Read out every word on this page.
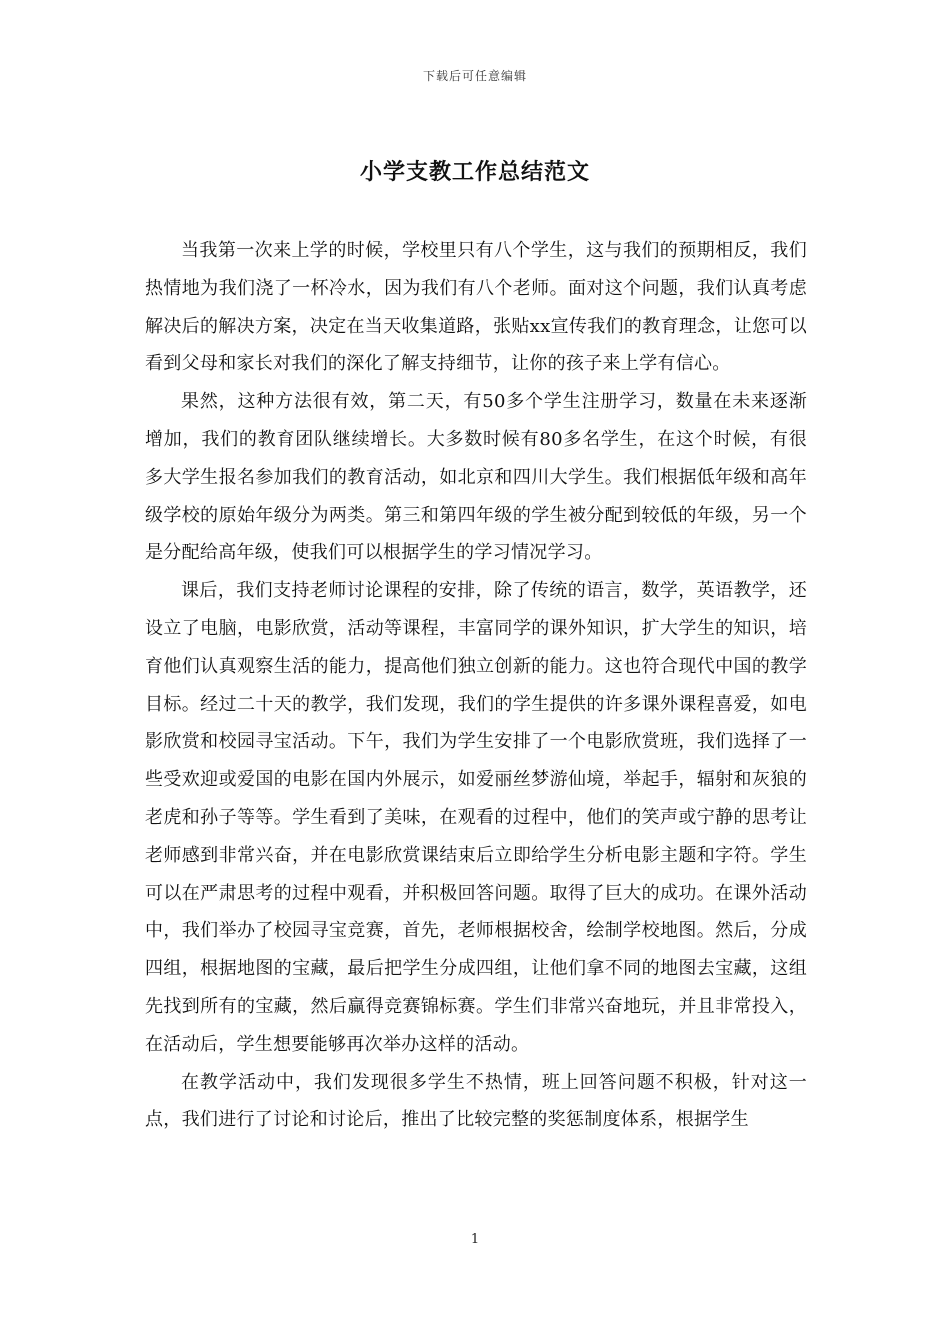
下载后可任意编辑
小学支教工作总结范文

当我第一次来上学的时候，学校里只有八个学生，这与我们的预期相反，我们热情地为我们浇了一杯冷水，因为我们有八个老师。面对这个问题，我们认真考虑解决后的解决方案，决定在当天收集道路，张贴xx宣传我们的教育理念，让您可以看到父母和家长对我们的深化了解支持细节，让你的孩子来上学有信心。

果然，这种方法很有效，第二天，有50多个学生注册学习，数量在未来逐渐增加，我们的教育团队继续增长。大多数时候有80多名学生，在这个时候，有很多大学生报名参加我们的教育活动，如北京和四川大学生。我们根据低年级和高年级学校的原始年级分为两类。第三和第四年级的学生被分配到较低的年级，另一个是分配给高年级，使我们可以根据学生的学习情况学习。

课后，我们支持老师讨论课程的安排，除了传统的语言，数学，英语教学，还设立了电脑，电影欣赏，活动等课程，丰富同学的课外知识，扩大学生的知识，培育他们认真观察生活的能力，提高他们独立创新的能力。这也符合现代中国的教学目标。经过二十天的教学，我们发现，我们的学生提供的许多课外课程喜爱，如电影欣赏和校园寻宝活动。下午，我们为学生安排了一个电影欣赏班，我们选择了一些受欢迎或爱国的电影在国内外展示，如爱丽丝梦游仙境，举起手，辐射和灰狼的老虎和孙子等等。学生看到了美味，在观看的过程中，他们的笑声或宁静的思考让老师感到非常兴奋，并在电影欣赏课结束后立即给学生分析电影主题和字符。学生可以在严肃思考的过程中观看，并积极回答问题。取得了巨大的成功。在课外活动中，我们举办了校园寻宝竞赛，首先，老师根据校舍，绘制学校地图。然后，分成四组，根据地图的宝藏，最后把学生分成四组，让他们拿不同的地图去宝藏，这组先找到所有的宝藏，然后赢得竞赛锦标赛。学生们非常兴奋地玩，并且非常投入，在活动后，学生想要能够再次举办这样的活动。

在教学活动中，我们发现很多学生不热情，班上回答问题不积极，针对这一点，我们进行了讨论和讨论后，推出了比较完整的奖惩制度体系，根据学生

1
